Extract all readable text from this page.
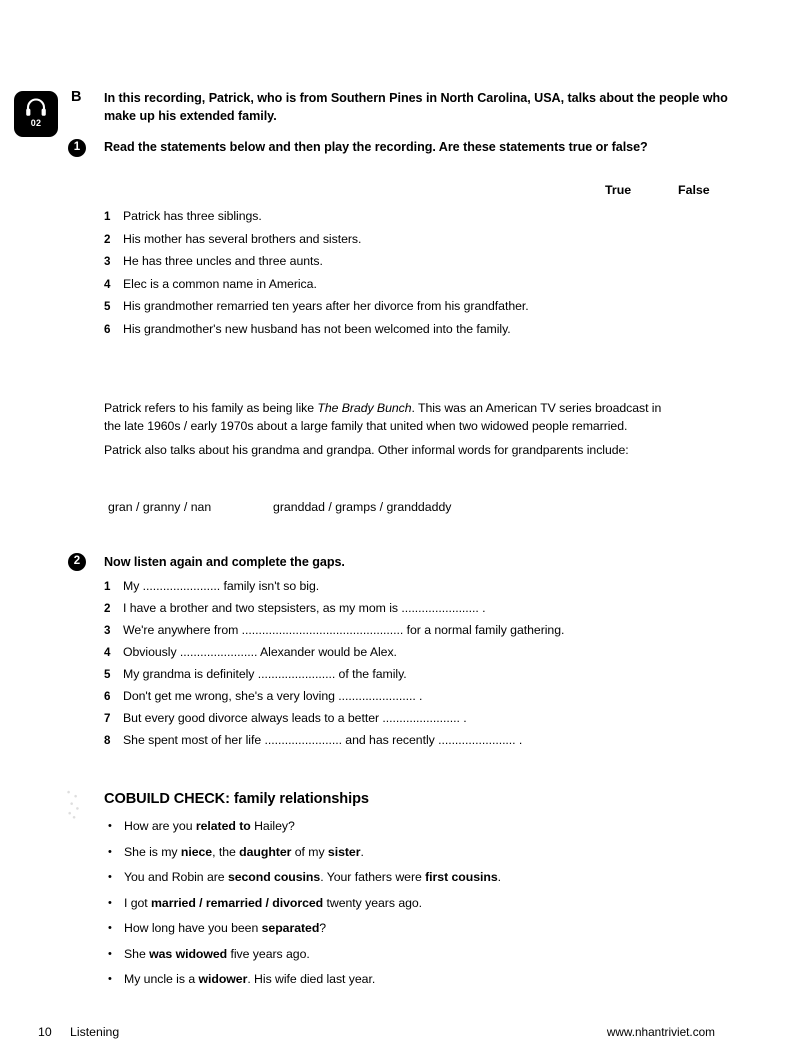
02
B In this recording, Patrick, who is from Southern Pines in North Carolina, USA, talks about the people who make up his extended family.
1	Read the statements below and then play the recording. Are these statements true or false?
True	False
1	Patrick has three siblings.
2	His mother has several brothers and sisters.
3	He has three uncles and three aunts.
4	Elec is a common name in America.
5	His grandmother remarried ten years after her divorce from his grandfather.
6	His grandmother's new husband has not been welcomed into the family.

Patrick refers to his family as being like The Brady Bunch. This was an American TV series broadcast in the late 1960s / early 1970s about a large family that united when two widowed people remarried.

Patrick also talks about his grandma and grandpa. Other informal words for grandparents include:

gran / granny / nan	granddad / gramps / granddaddy
2	Now listen again and complete the gaps.
1	My ....................... family isn't so big.
2	I have a brother and two stepsisters, as my mom is ....................... .
3	We're anywhere from ................................................ for a normal family gathering.
4	Obviously ....................... Alexander would be Alex.
5	My grandma is definitely ....................... of the family.
6	Don't get me wrong, she's a very loving ....................... .
7	But every good divorce always leads to a better ....................... .
8	She spent most of her life ....................... and has recently ....................... .
COBUILD CHECK: family relationships
• How are you related to Hailey?
• She is my niece, the daughter of my sister.
• You and Robin are second cousins. Your fathers were first cousins.
• I got married / remarried / divorced twenty years ago.
• How long have you been separated?
• She was widowed five years ago.
• My uncle is a widower. His wife died last year.
10	Listening	www.nhantriviet.com
